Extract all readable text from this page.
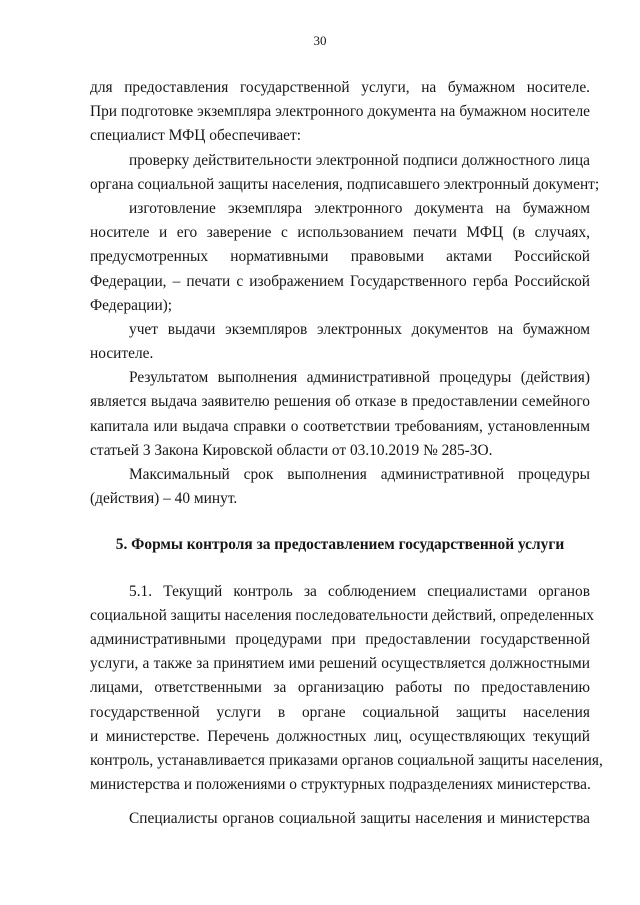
30
для предоставления государственной услуги, на бумажном носителе.
При подготовке экземпляра электронного документа на бумажном носителе
специалист МФЦ обеспечивает:
проверку действительности электронной подписи должностного лица
органа социальной защиты населения, подписавшего электронный документ;
изготовление экземпляра электронного документа на бумажном
носителе и его заверение с использованием печати МФЦ (в случаях,
предусмотренных нормативными правовыми актами Российской
Федерации, – печати с изображением Государственного герба Российской
Федерации);
учет выдачи экземпляров электронных документов на бумажном
носителе.
Результатом выполнения административной процедуры (действия)
является выдача заявителю решения об отказе в предоставлении семейного
капитала или выдача справки о соответствии требованиям, установленным
статьей 3 Закона Кировской области от 03.10.2019 № 285-ЗО.
Максимальный срок выполнения административной процедуры
(действия) – 40 минут.
5. Формы контроля за предоставлением государственной услуги
5.1. Текущий контроль за соблюдением специалистами органов
социальной защиты населения последовательности действий, определенных
административными процедурами при предоставлении государственной
услуги, а также за принятием ими решений осуществляется должностными
лицами, ответственными за организацию работы по предоставлению
государственной услуги в органе социальной защиты населения
и министерстве. Перечень должностных лиц, осуществляющих текущий
контроль, устанавливается приказами органов социальной защиты населения,
министерства и положениями о структурных подразделениях министерства.
Специалисты органов социальной защиты населения и министерства
